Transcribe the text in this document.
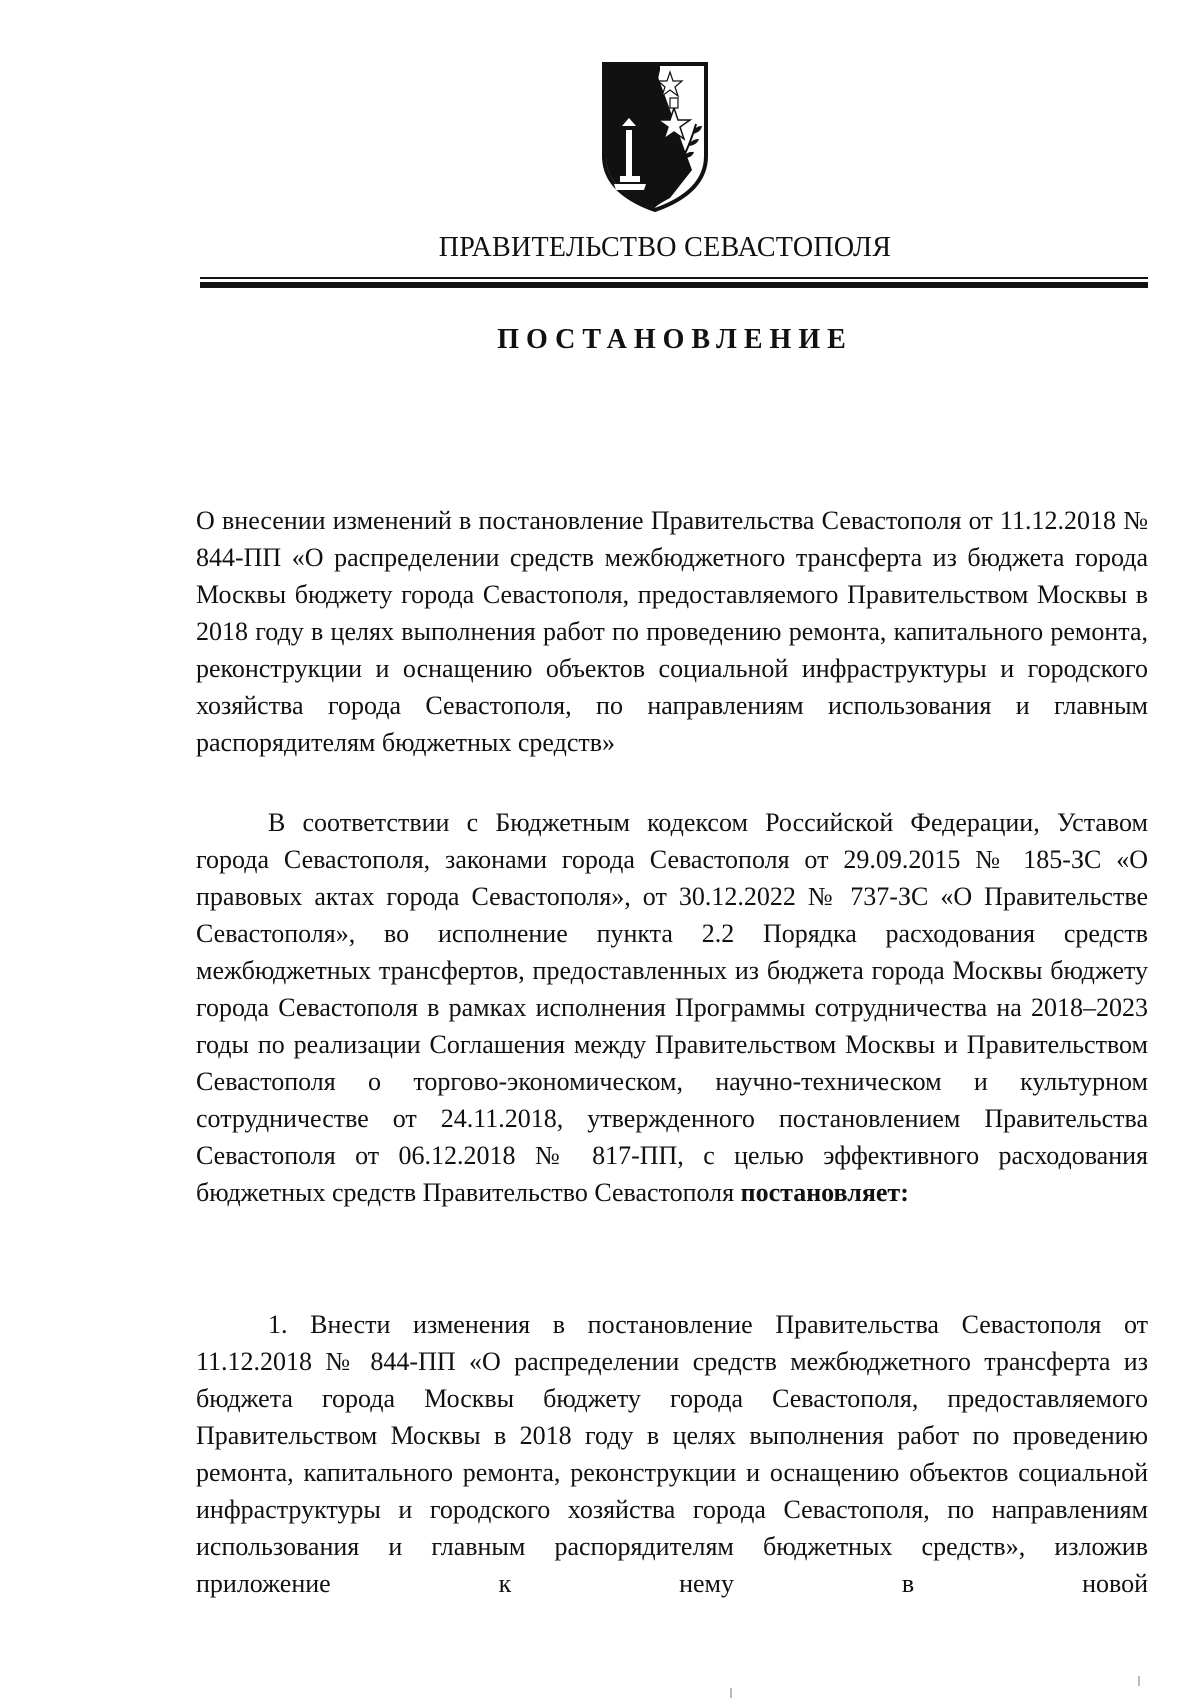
ПРАВИТЕЛЬСТВО СЕВАСТОПОЛЯ
ПОСТАНОВЛЕНИЕ
О внесении изменений в постановление Правительства Севастополя от 11.12.2018 № 844-ПП «О распределении средств межбюджетного трансферта из бюджета города Москвы бюджету города Севастополя, предоставляемого Правительством Москвы в 2018 году в целях выполнения работ по проведению ремонта, капитального ремонта, реконструкции и оснащению объектов социальной инфраструктуры и городского хозяйства города Севастополя, по направлениям использования и главным распорядителям бюджетных средств»
В соответствии с Бюджетным кодексом Российской Федерации, Уставом города Севастополя, законами города Севастополя от 29.09.2015 № 185-ЗС «О правовых актах города Севастополя», от 30.12.2022 № 737-ЗС «О Правительстве Севастополя», во исполнение пункта 2.2 Порядка расходования средств межбюджетных трансфертов, предоставленных из бюджета города Москвы бюджету города Севастополя в рамках исполнения Программы сотрудничества на 2018–2023 годы по реализации Соглашения между Правительством Москвы и Правительством Севастополя о торгово-экономическом, научно-техническом и культурном сотрудничестве от 24.11.2018, утвержденного постановлением Правительства Севастополя от 06.12.2018 № 817-ПП, с целью эффективного расходования бюджетных средств Правительство Севастополя постановляет:
1. Внести изменения в постановление Правительства Севастополя от 11.12.2018 № 844-ПП «О распределении средств межбюджетного трансферта из бюджета города Москвы бюджету города Севастополя, предоставляемого Правительством Москвы в 2018 году в целях выполнения работ по проведению ремонта, капитального ремонта, реконструкции и оснащению объектов социальной инфраструктуры и городского хозяйства города Севастополя, по направлениям использования и главным распорядителям бюджетных средств», изложив приложение к нему в новой
